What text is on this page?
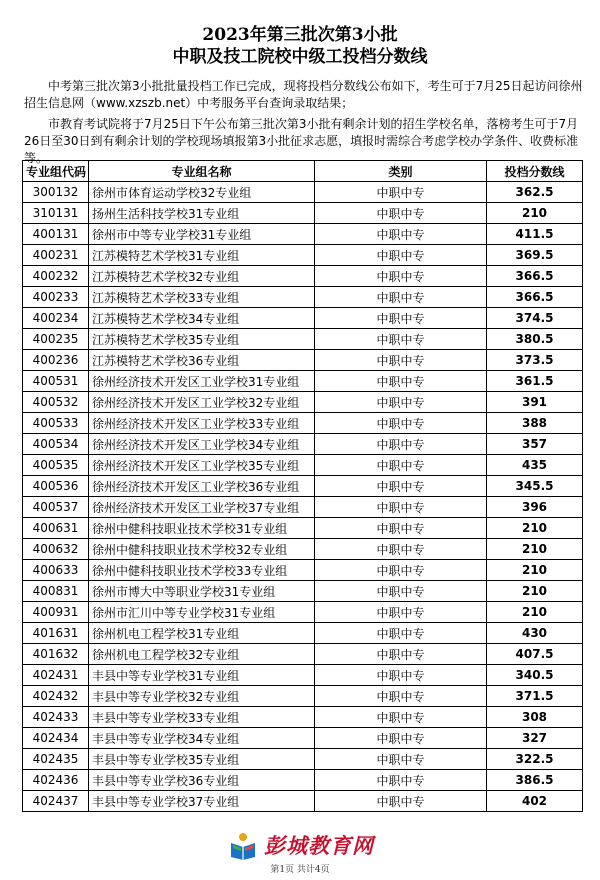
2023年第三批次第3小批
中职及技工院校中级工投档分数线
中考第三批次第3小批批量投档工作已完成，现将投档分数线公布如下，考生可于7月25日起访问徐州招生信息网（www.xzszb.net）中考服务平台查询录取结果；
市教育考试院将于7月25日下午公布第三批次第3小批有剩余计划的招生学校名单，落榜考生可于7月26日至30日到有剩余计划的学校现场填报第3小批征求志愿，填报时需综合考虑学校办学条件、收费标准等。
专业组代码	专业组名称	类别	投档分数线
300132	徐州市体育运动学校32专业组	中职中专	362.5
310131	扬州生活科技学校31专业组	中职中专	210
400131	徐州市中等专业学校31专业组	中职中专	411.5
400231	江苏模特艺术学校31专业组	中职中专	369.5
400232	江苏模特艺术学校32专业组	中职中专	366.5
400233	江苏模特艺术学校33专业组	中职中专	366.5
400234	江苏模特艺术学校34专业组	中职中专	374.5
400235	江苏模特艺术学校35专业组	中职中专	380.5
400236	江苏模特艺术学校36专业组	中职中专	373.5
400531	徐州经济技术开发区工业学校31专业组	中职中专	361.5
400532	徐州经济技术开发区工业学校32专业组	中职中专	391
400533	徐州经济技术开发区工业学校33专业组	中职中专	388
400534	徐州经济技术开发区工业学校34专业组	中职中专	357
400535	徐州经济技术开发区工业学校35专业组	中职中专	435
400536	徐州经济技术开发区工业学校36专业组	中职中专	345.5
400537	徐州经济技术开发区工业学校37专业组	中职中专	396
400631	徐州中健科技职业技术学校31专业组	中职中专	210
400632	徐州中健科技职业技术学校32专业组	中职中专	210
400633	徐州中健科技职业技术学校33专业组	中职中专	210
400831	徐州市博大中等职业学校31专业组	中职中专	210
400931	徐州市汇川中等专业学校31专业组	中职中专	210
401631	徐州机电工程学校31专业组	中职中专	430
401632	徐州机电工程学校32专业组	中职中专	407.5
402431	丰县中等专业学校31专业组	中职中专	340.5
402432	丰县中等专业学校32专业组	中职中专	371.5
402433	丰县中等专业学校33专业组	中职中专	308
402434	丰县中等专业学校34专业组	中职中专	327
402435	丰县中等专业学校35专业组	中职中专	322.5
402436	丰县中等专业学校36专业组	中职中专	386.5
402437	丰县中等专业学校37专业组	中职中专	402
彭城教育网
第1页 共计4页
